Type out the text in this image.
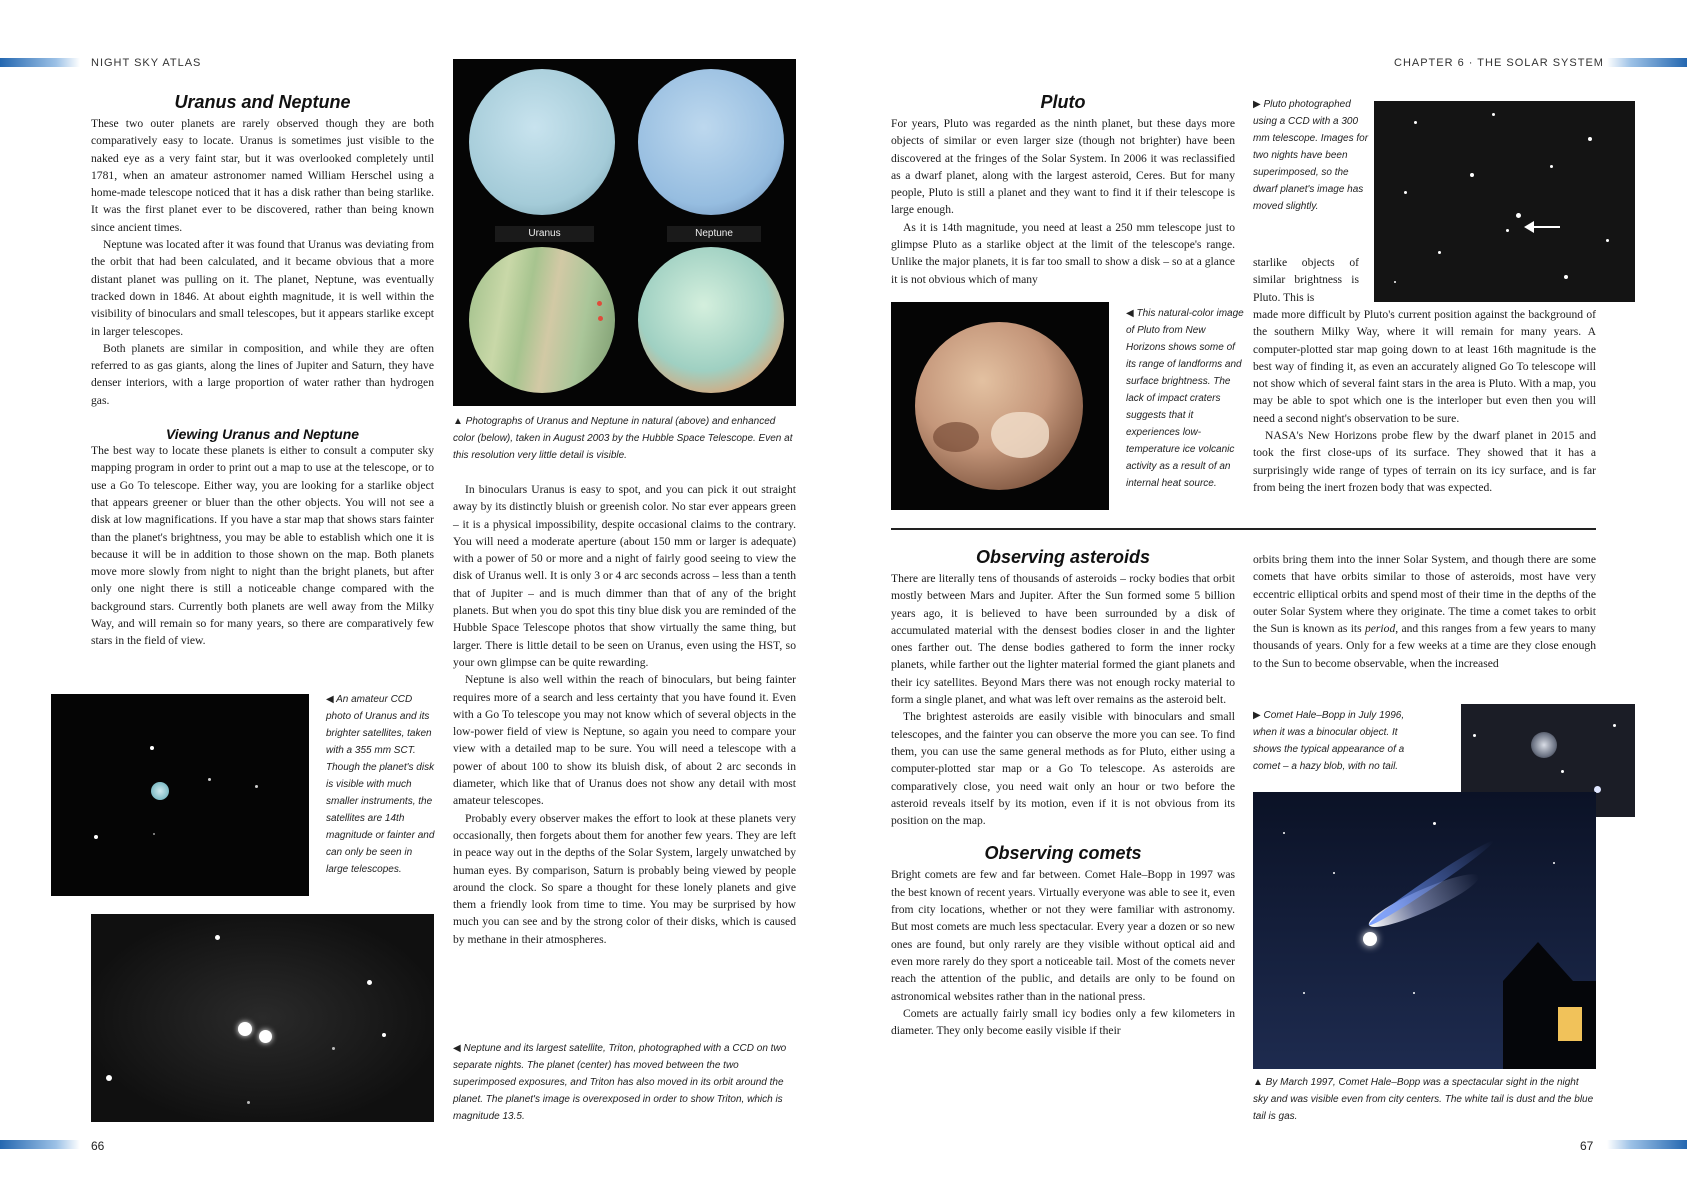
NIGHT SKY ATLAS	CHAPTER 6 · THE SOLAR SYSTEM
66	67
Uranus and Neptune

These two outer planets are rarely observed though they are both comparatively easy to locate. Uranus is sometimes just visible to the naked eye as a very faint star, but it was overlooked completely until 1781, when an amateur astronomer named William Herschel using a home-made telescope noticed that it has a disk rather than being starlike. It was the first planet ever to be discovered, rather than being known since ancient times.

Neptune was located after it was found that Uranus was deviating from the orbit that had been calculated, and it became obvious that a more distant planet was pulling on it. The planet, Neptune, was eventually tracked down in 1846. At about eighth magnitude, it is well within the visibility of binoculars and small telescopes, but it appears starlike except in larger telescopes.

Both planets are similar in composition, and while they are often referred to as gas giants, along the lines of Jupiter and Saturn, they have denser interiors, with a large proportion of water rather than hydrogen gas.

Viewing Uranus and Neptune

The best way to locate these planets is either to consult a computer sky mapping program in order to print out a map to use at the telescope, or to use a Go To telescope. Either way, you are looking for a starlike object that appears greener or bluer than the other objects. You will not see a disk at low magnifications. If you have a star map that shows stars fainter than the planet's brightness, you may be able to establish which one it is because it will be in addition to those shown on the map. Both planets move more slowly from night to night than the bright planets, but after only one night there is still a noticeable change compared with the background stars. Currently both planets are well away from the Milky Way, and will remain so for many years, so there are comparatively few stars in the field of view.

◀ An amateur CCD photo of Uranus and its brighter satellites, taken with a 355 mm SCT. Though the planet's disk is visible with much smaller instruments, the satellites are 14th magnitude or fainter and can only be seen in large telescopes.
Uranus	Neptune
▲ Photographs of Uranus and Neptune in natural (above) and enhanced color (below), taken in August 2003 by the Hubble Space Telescope. Even at this resolution very little detail is visible.

In binoculars Uranus is easy to spot, and you can pick it out straight away by its distinctly bluish or greenish color. No star ever appears green – it is a physical impossibility, despite occasional claims to the contrary. You will need a moderate aperture (about 150 mm or larger is adequate) with a power of 50 or more and a night of fairly good seeing to view the disk of Uranus well. It is only 3 or 4 arc seconds across – less than a tenth that of Jupiter – and is much dimmer than that of any of the bright planets. But when you do spot this tiny blue disk you are reminded of the Hubble Space Telescope photos that show virtually the same thing, but larger. There is little detail to be seen on Uranus, even using the HST, so your own glimpse can be quite rewarding.

Neptune is also well within the reach of binoculars, but being fainter requires more of a search and less certainty that you have found it. Even with a Go To telescope you may not know which of several objects in the low-power field of view is Neptune, so again you need to compare your view with a detailed map to be sure. You will need a telescope with a power of about 100 to show its bluish disk, of about 2 arc seconds in diameter, which like that of Uranus does not show any detail with most amateur telescopes.

Probably every observer makes the effort to look at these planets very occasionally, then forgets about them for another few years. They are left in peace way out in the depths of the Solar System, largely unwatched by human eyes. By comparison, Saturn is probably being viewed by people around the clock. So spare a thought for these lonely planets and give them a friendly look from time to time. You may be surprised by how much you can see and by the strong color of their disks, which is caused by methane in their atmospheres.

◀ Neptune and its largest satellite, Triton, photographed with a CCD on two separate nights. The planet (center) has moved between the two superimposed exposures, and Triton has also moved in its orbit around the planet. The planet's image is overexposed in order to show Triton, which is magnitude 13.5.
Pluto

For years, Pluto was regarded as the ninth planet, but these days more objects of similar or even larger size (though not brighter) have been discovered at the fringes of the Solar System. In 2006 it was reclassified as a dwarf planet, along with the largest asteroid, Ceres. But for many people, Pluto is still a planet and they want to find it if their telescope is large enough.

As it is 14th magnitude, you need at least a 250 mm telescope just to glimpse Pluto as a starlike object at the limit of the telescope's range. Unlike the major planets, it is far too small to show a disk – so at a glance it is not obvious which of many

▶ Pluto photographed using a CCD with a 300 mm telescope. Images for two nights have been superimposed, so the dwarf planet's image has moved slightly.
starlike objects of similar brightness is Pluto. This is

made more difficult by Pluto's current position against the background of the southern Milky Way, where it will remain for many years. A computer-plotted star map going down to at least 16th magnitude is the best way of finding it, as even an accurately aligned Go To telescope will not show which of several faint stars in the area is Pluto. With a map, you may be able to spot which one is the interloper but even then you will need a second night's observation to be sure.

NASA's New Horizons probe flew by the dwarf planet in 2015 and took the first close-ups of its surface. They showed that it has a surprisingly wide range of types of terrain on its icy surface, and is far from being the inert frozen body that was expected.

◀ This natural-color image of Pluto from New Horizons shows some of its range of landforms and surface brightness. The lack of impact craters suggests that it experiences low-temperature ice volcanic activity as a result of an internal heat source.
Observing asteroids

There are literally tens of thousands of asteroids – rocky bodies that orbit mostly between Mars and Jupiter. After the Sun formed some 5 billion years ago, it is believed to have been surrounded by a disk of accumulated material with the densest bodies closer in and the lighter ones farther out. The dense bodies gathered to form the inner rocky planets, while farther out the lighter material formed the giant planets and their icy satellites. Beyond Mars there was not enough rocky material to form a single planet, and what was left over remains as the asteroid belt.

The brightest asteroids are easily visible with binoculars and small telescopes, and the fainter you can observe the more you can see. To find them, you can use the same general methods as for Pluto, either using a computer-plotted star map or a Go To telescope. As asteroids are comparatively close, you need wait only an hour or two before the asteroid reveals itself by its motion, even if it is not obvious from its position on the map.

Observing comets

Bright comets are few and far between. Comet Hale–Bopp in 1997 was the best known of recent years. Virtually everyone was able to see it, even from city locations, whether or not they were familiar with astronomy. But most comets are much less spectacular. Every year a dozen or so new ones are found, but only rarely are they visible without optical aid and even more rarely do they sport a noticeable tail. Most of the comets never reach the attention of the public, and details are only to be found on astronomical websites rather than in the national press.

Comets are actually fairly small icy bodies only a few kilometers in diameter. They only become easily visible if their

orbits bring them into the inner Solar System, and though there are some comets that have orbits similar to those of asteroids, most have very eccentric elliptical orbits and spend most of their time in the depths of the outer Solar System where they originate. The time a comet takes to orbit the Sun is known as its period, and this ranges from a few years to many thousands of years. Only for a few weeks at a time are they close enough to the Sun to become observable, when the increased
▶ Comet Hale–Bopp in July 1996, when it was a binocular object. It shows the typical appearance of a comet – a hazy blob, with no tail.
▲ By March 1997, Comet Hale–Bopp was a spectacular sight in the night sky and was visible even from city centers. The white tail is dust and the blue tail is gas.
